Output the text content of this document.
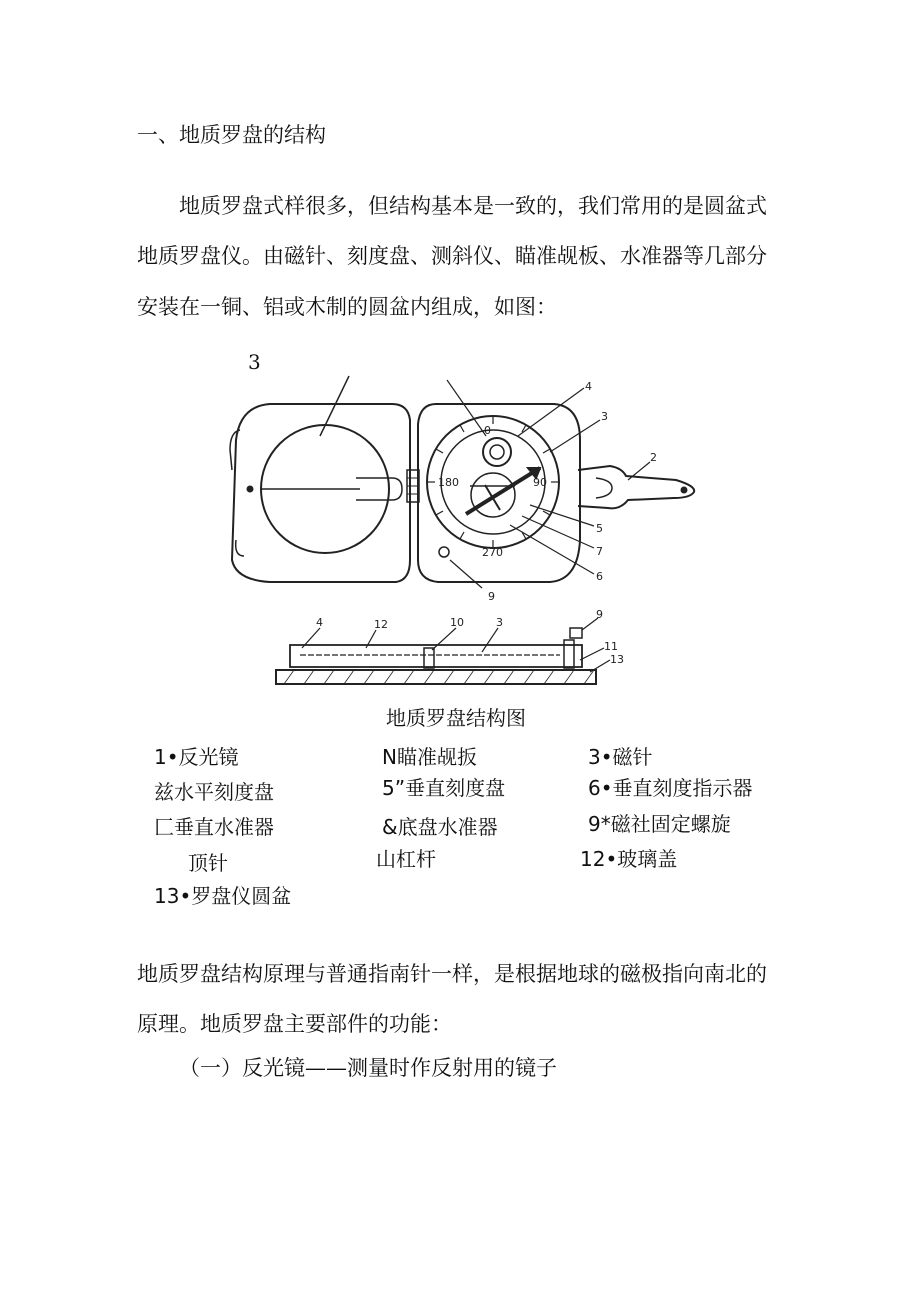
一、地质罗盘的结构
地质罗盘式样很多，但结构基本是一致的，我们常用的是圆盆式
地质罗盘仪。由磁针、刻度盘、测斜仪、瞄准觇板、水准器等几部分
安装在一铜、铝或木制的圆盆内组成，如图：
3
0
90
180
270
4
3
2
5
7
6
9
4	12	10	3
9
11
13
地质罗盘结构图
1•反光镜	N瞄准觇扳	3•磁针
兹水平刻度盘	5”垂直刻度盘	6•垂直刻度指示器
匚垂直水准器	&底盘水准器	9*磁社固定螺旋
顶针	山杠杆	12•玻璃盖
13•罗盘仪圆盆
地质罗盘结构原理与普通指南针一样，是根据地球的磁极指向南北的
原理。地质罗盘主要部件的功能：
（一）反光镜——测量时作反射用的镜子
